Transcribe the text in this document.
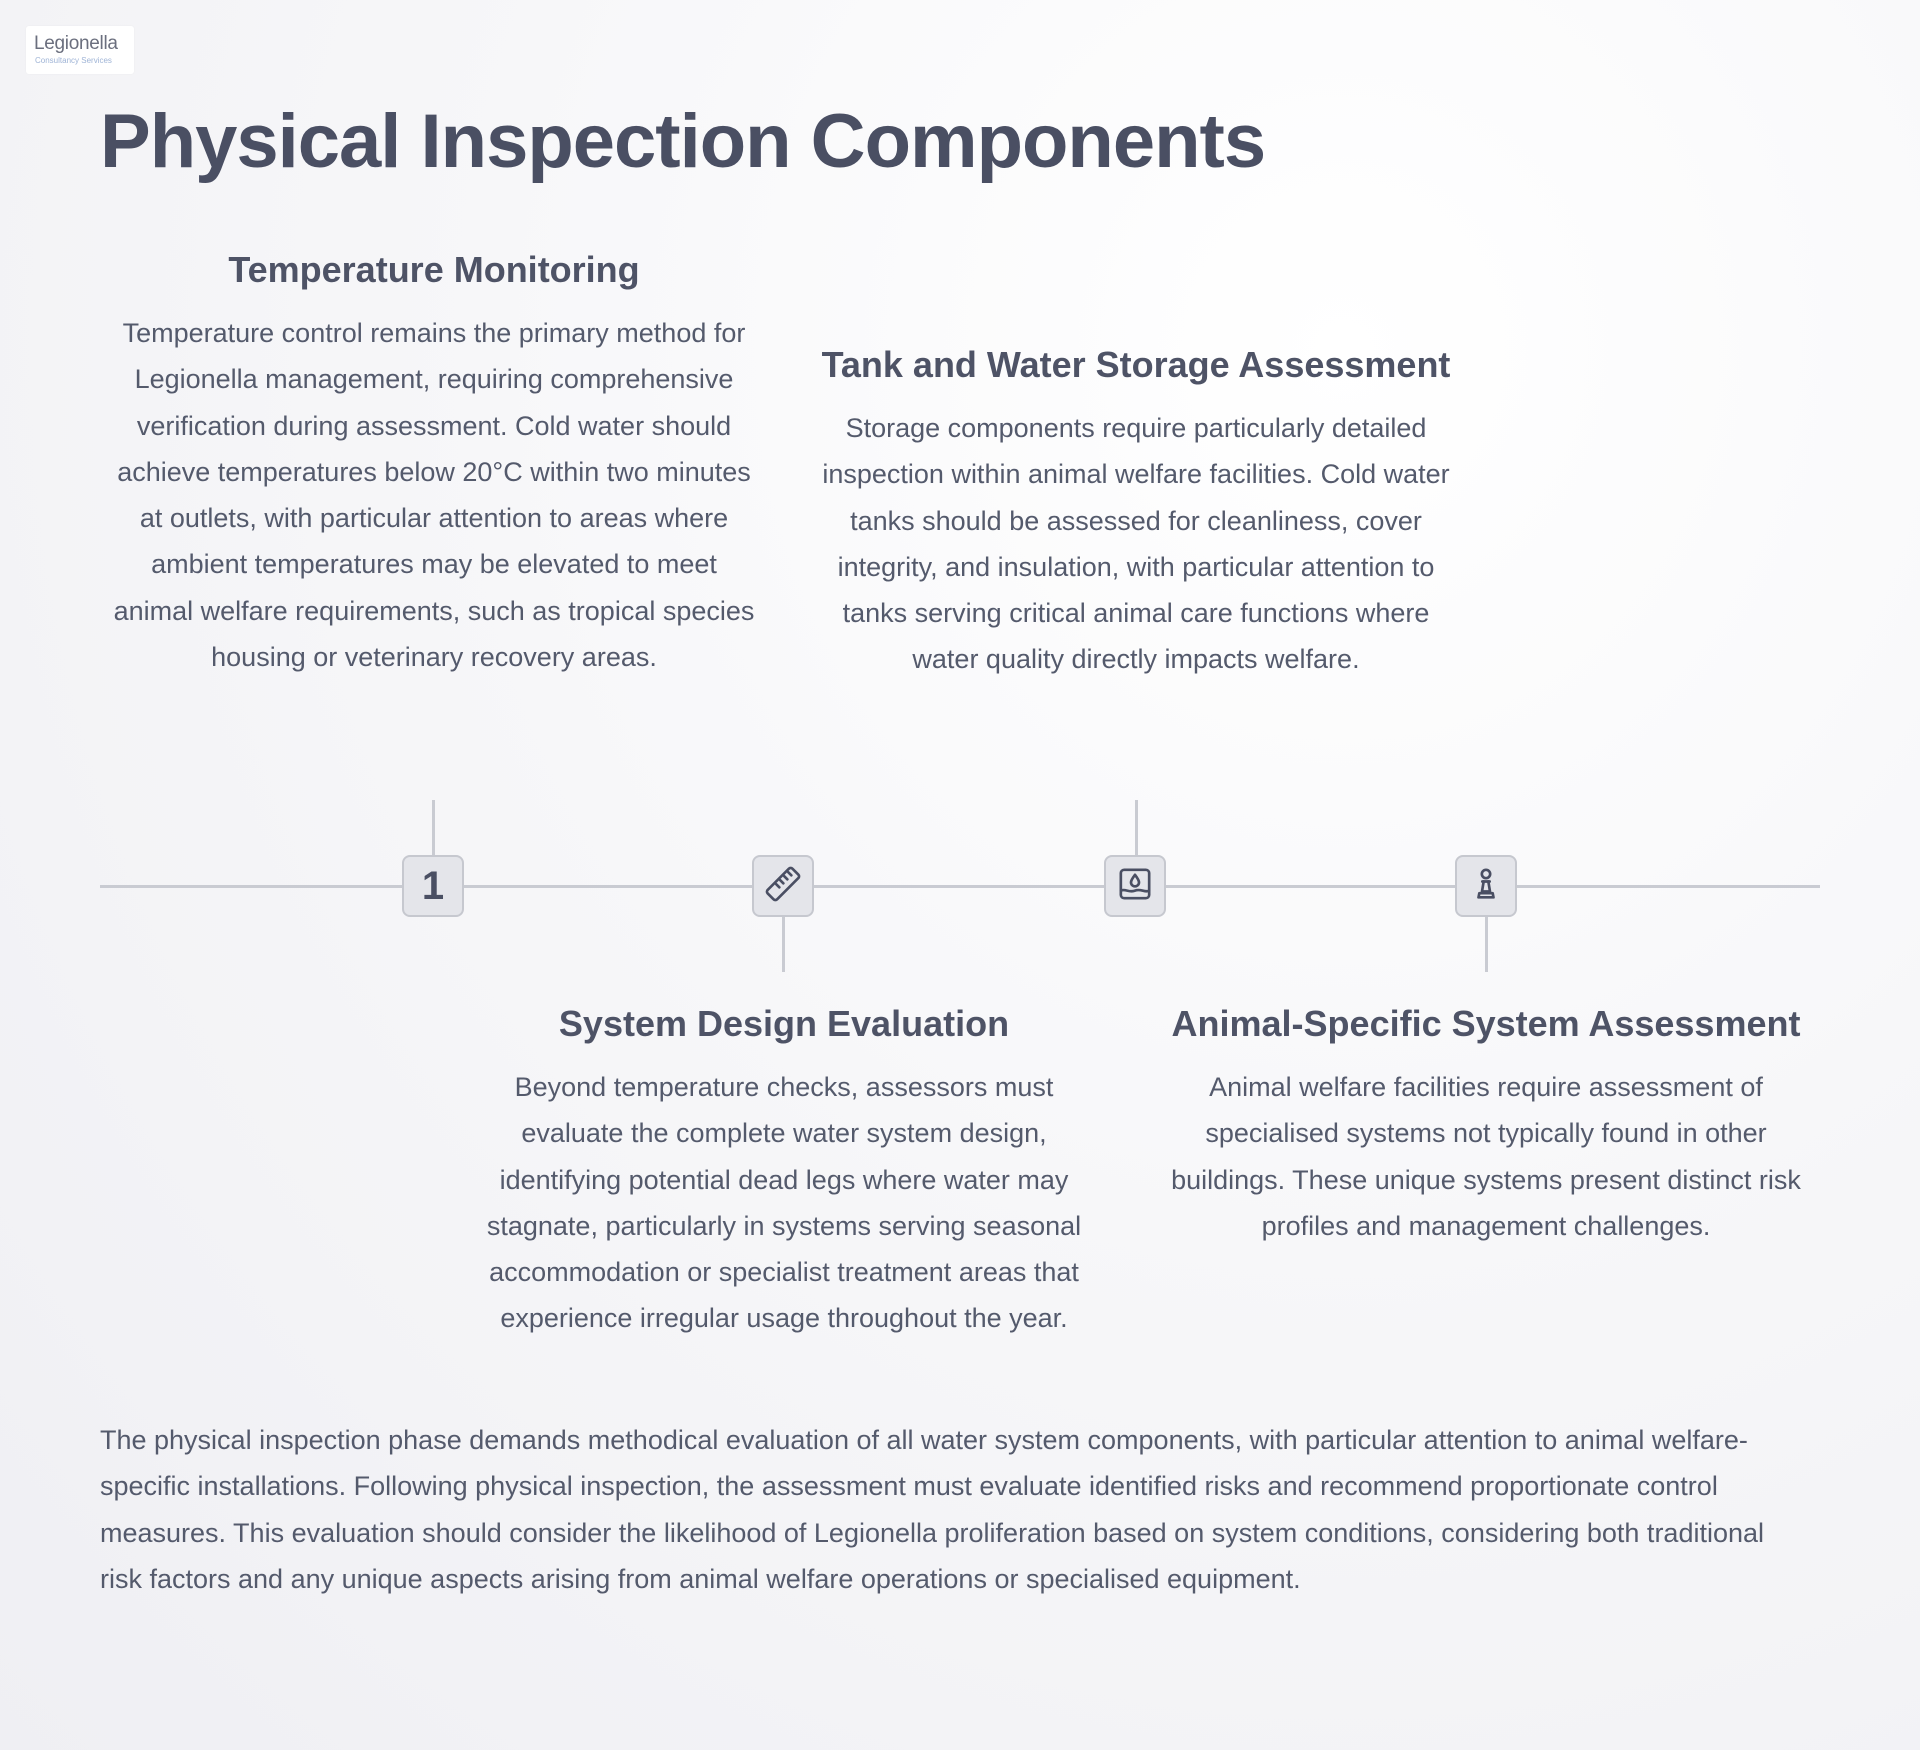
Legionella
Consultancy Services
Physical Inspection Components
Temperature Monitoring

Temperature control remains the primary method for Legionella management, requiring comprehensive verification during assessment. Cold water should achieve temperatures below 20°C within two minutes at outlets, with particular attention to areas where ambient temperatures may be elevated to meet animal welfare requirements, such as tropical species housing or veterinary recovery areas.

Tank and Water Storage Assessment

Storage components require particularly detailed inspection within animal welfare facilities. Cold water tanks should be assessed for cleanliness, cover integrity, and insulation, with particular attention to tanks serving critical animal care functions where water quality directly impacts welfare.

1
System Design Evaluation

Beyond temperature checks, assessors must evaluate the complete water system design, identifying potential dead legs where water may stagnate, particularly in systems serving seasonal accommodation or specialist treatment areas that experience irregular usage throughout the year.

Animal-Specific System Assessment

Animal welfare facilities require assessment of specialised systems not typically found in other buildings. These unique systems present distinct risk profiles and management challenges.

The physical inspection phase demands methodical evaluation of all water system components, with particular attention to animal welfare-specific installations. Following physical inspection, the assessment must evaluate identified risks and recommend proportionate control measures. This evaluation should consider the likelihood of Legionella proliferation based on system conditions, considering both traditional risk factors and any unique aspects arising from animal welfare operations or specialised equipment.
